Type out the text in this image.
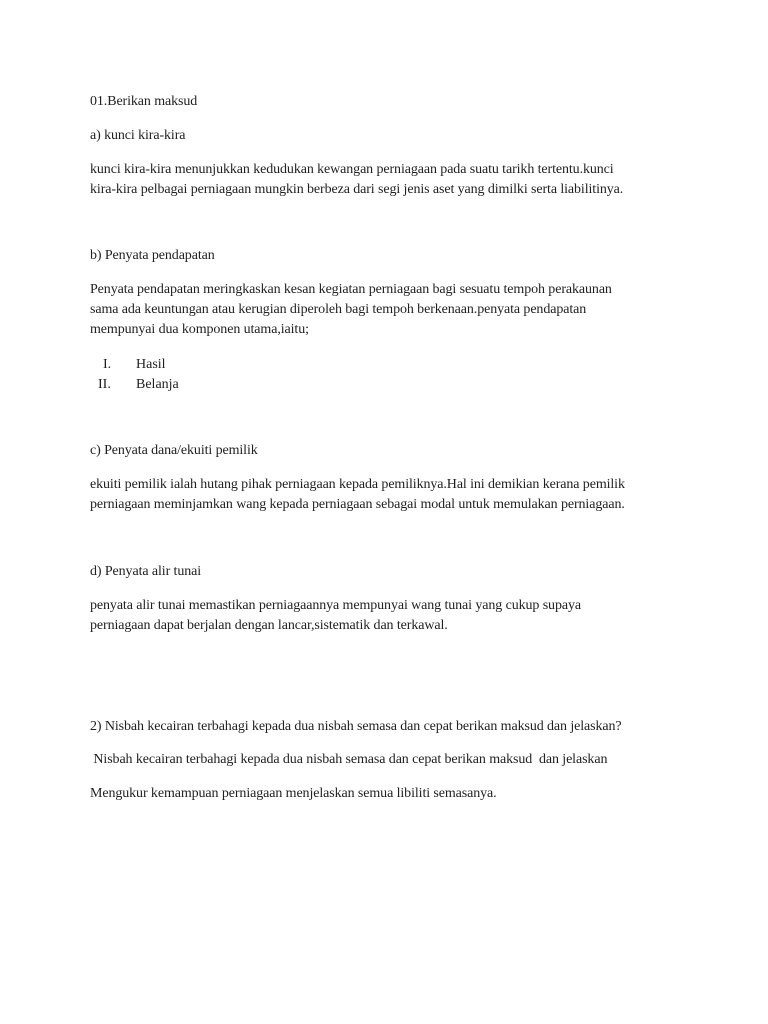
01.Berikan maksud
a) kunci kira-kira
kunci kira-kira menunjukkan kedudukan kewangan perniagaan pada suatu tarikh tertentu.kunci
kira-kira pelbagai perniagaan mungkin berbeza dari segi jenis aset yang dimilki serta liabilitinya.
b) Penyata pendapatan
Penyata pendapatan meringkaskan kesan kegiatan perniagaan bagi sesuatu tempoh perakaunan
sama ada keuntungan atau kerugian diperoleh bagi tempoh berkenaan.penyata pendapatan
mempunyai dua komponen utama,iaitu;
I. Hasil
II. Belanja
c) Penyata dana/ekuiti pemilik
ekuiti pemilik ialah hutang pihak perniagaan kepada pemiliknya.Hal ini demikian kerana pemilik
perniagaan meminjamkan wang kepada perniagaan sebagai modal untuk memulakan perniagaan.
d) Penyata alir tunai
penyata alir tunai memastikan perniagaannya mempunyai wang tunai yang cukup supaya
perniagaan dapat berjalan dengan lancar,sistematik dan terkawal.
2) Nisbah kecairan terbahagi kepada dua nisbah semasa dan cepat berikan maksud dan jelaskan?
Nisbah kecairan terbahagi kepada dua nisbah semasa dan cepat berikan maksud  dan jelaskan
Mengukur kemampuan perniagaan menjelaskan semua libiliti semasanya.
